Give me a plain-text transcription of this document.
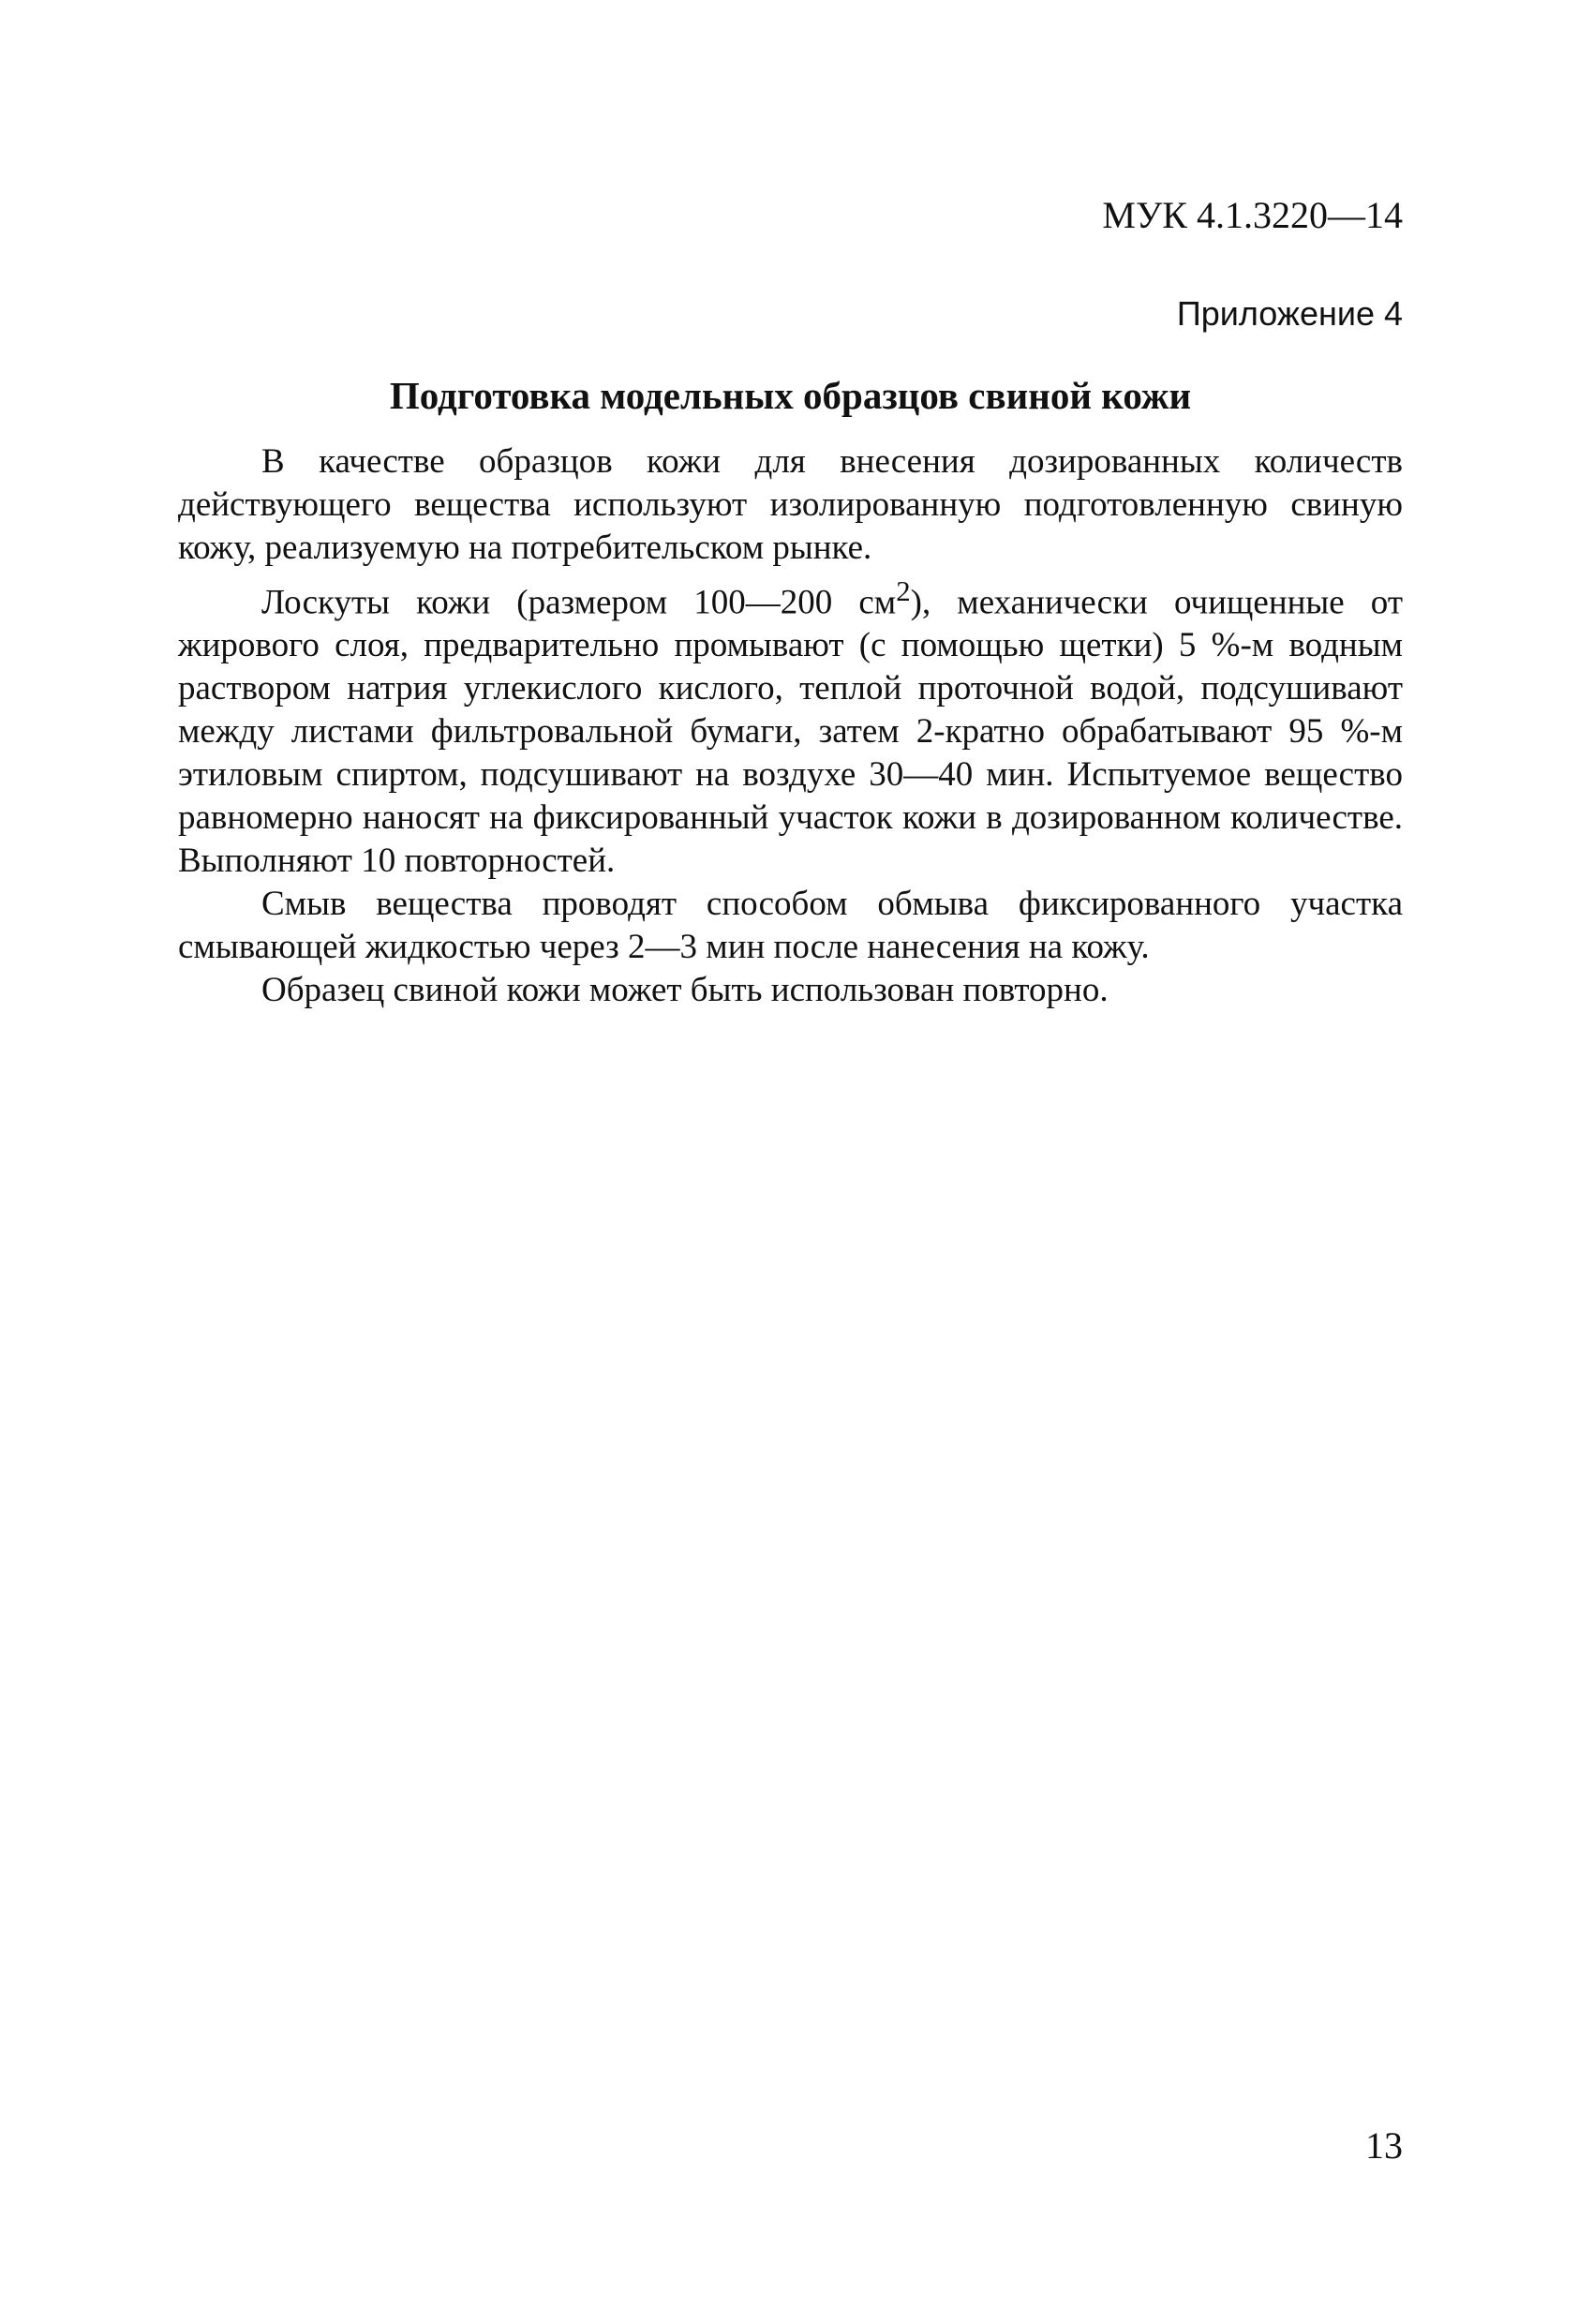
МУК 4.1.3220—14
Приложение 4
Подготовка модельных образцов свиной кожи

В качестве образцов кожи для внесения дозированных количеств действующего вещества используют изолированную подготовленную свиную кожу, реализуемую на потребительском рынке.

Лоскуты кожи (размером 100—200 $см^2$), механически очищенные от жирового слоя, предварительно промывают (с помощью щетки) 5 %-м водным раствором натрия углекислого кислого, теплой проточной водой, подсушивают между листами фильтровальной бумаги, затем 2-кратно обрабатывают 95 %-м этиловым спиртом, подсушивают на воздухе 30—40 мин. Испытуемое вещество равномерно наносят на фиксированный участок кожи в дозированном количестве. Выполняют 10 повторностей.

Смыв вещества проводят способом обмыва фиксированного участка смывающей жидкостью через 2—3 мин после нанесения на кожу.

Образец свиной кожи может быть использован повторно.

13
